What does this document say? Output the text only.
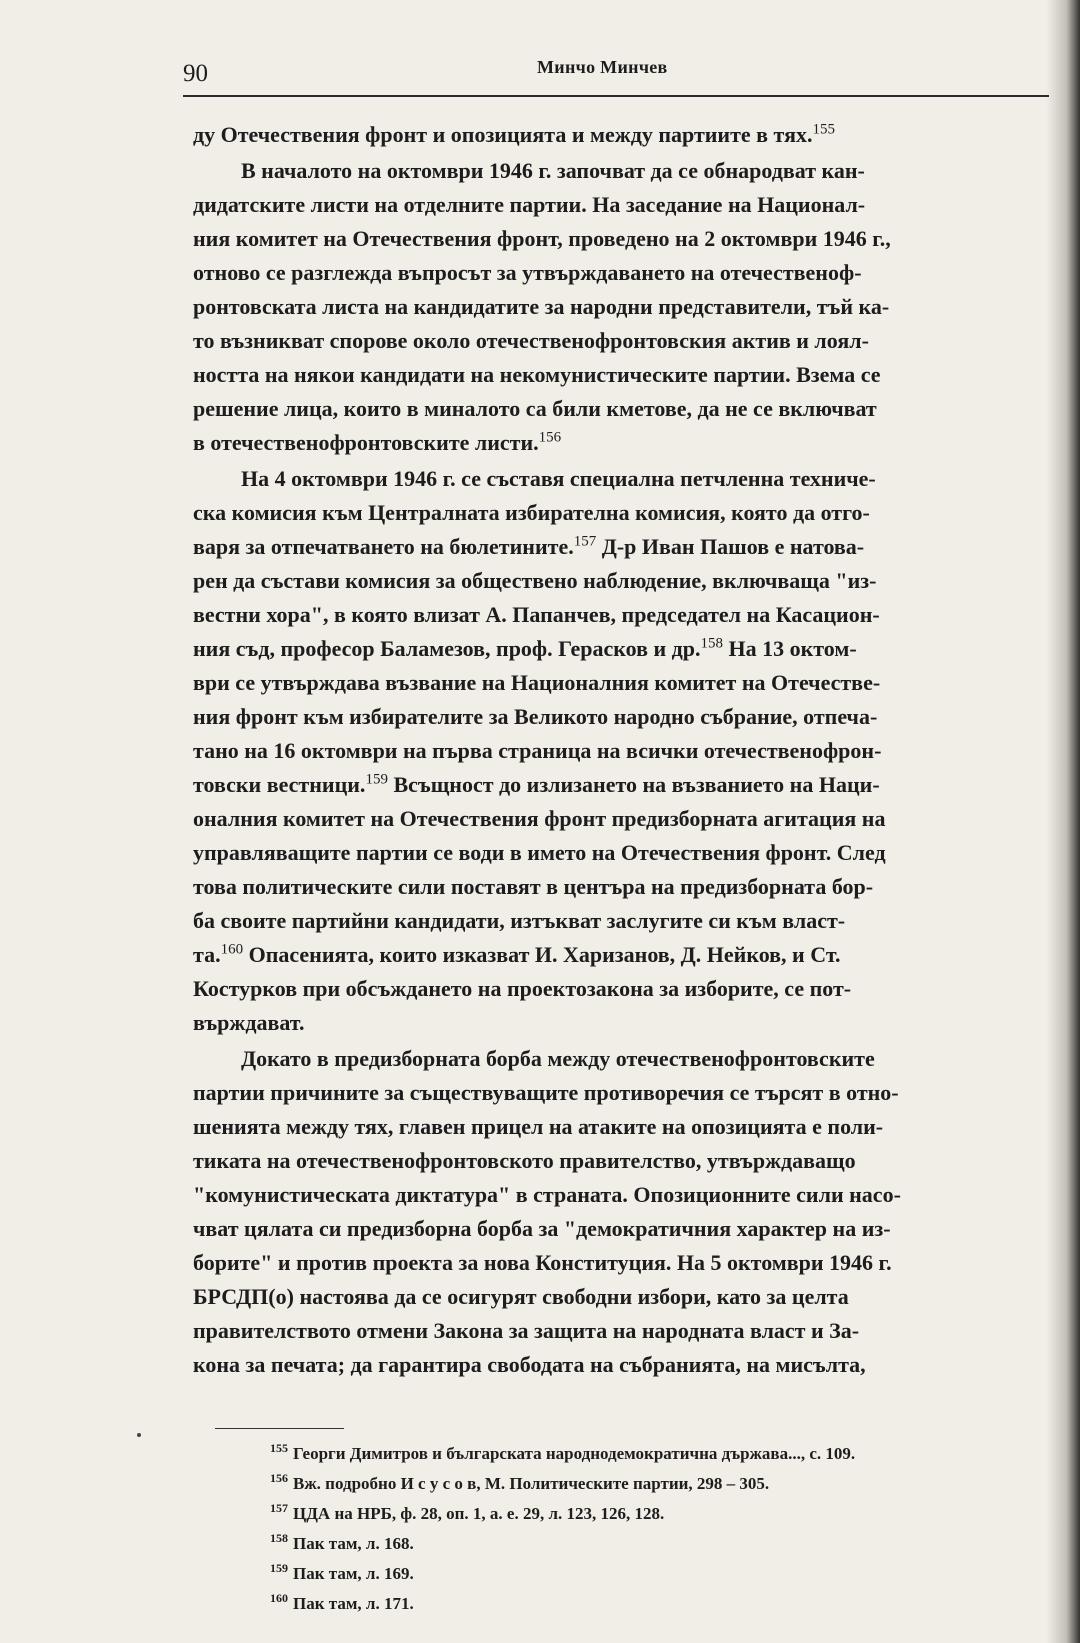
90	Минчо Минчев
ду Отечествения фронт и опозицията и между партиите в тях.$^{155}$
В началото на октомври 1946 г. започват да се обнародват кан-
дидатските листи на отделните партии. На заседание на Национал-
ния комитет на Отечествения фронт, проведено на 2 октомври 1946 г.,
отново се разглежда въпросът за утвърждаването на отечественоф-
ронтовската листа на кандидатите за народни представители, тъй ка-
то възникват спорове около отечественофронтовския актив и лоял-
ността на някои кандидати на некомунистическите партии. Взема се
решение лица, които в миналото са били кметове, да не се включват
в отечественофронтовските листи.$^{156}$
На 4 октомври 1946 г. се съставя специална петчленна техниче-
ска комисия към Централната избирателна комисия, която да отго-
варя за отпечатването на бюлетините.$^{157}$ Д-р Иван Пашов е натова-
рен да състави комисия за обществено наблюдение, включваща "из-
вестни хора", в която влизат А. Папанчев, председател на Касацион-
ния съд, професор Баламезов, проф. Герасков и др.$^{158}$ На 13 октом-
ври се утвърждава възвание на Националния комитет на Отечестве-
ния фронт към избирателите за Великото народно събрание, отпеча-
тано на 16 октомври на първа страница на всички отечественофрон-
товски вестници.$^{159}$ Всъщност до излизането на възванието на Наци-
оналния комитет на Отечествения фронт предизборната агитация на
управляващите партии се води в името на Отечествения фронт. След
това политическите сили поставят в центъра на предизборната бор-
ба своите партийни кандидати, изтъкват заслугите си към власт-
та.$^{160}$ Опасенията, които изказват И. Харизанов, Д. Нейков, и Ст.
Костурков при обсъждането на проектозакона за изборите, се пот-
върждават.
Докато в предизборната борба между отечественофронтовските
партии причините за съществуващите противоречия се търсят в отно-
шенията между тях, главен прицел на атаките на опозицията е поли-
тиката на отечественофронтовското правителство, утвърждаващо
"комунистическата диктатура" в страната. Опозиционните сили насо-
чват цялата си предизборна борба за "демократичния характер на из-
борите" и против проекта за нова Конституция. На 5 октомври 1946 г.
БРСДП(о) настоява да се осигурят свободни избори, като за целта
правителството отмени Закона за защита на народната власт и За-
кона за печата; да гарантира свободата на събранията, на мисълта,
$^{155}$ Георги Димитров и българската народнодемократична държава..., с. 109.
$^{156}$ Вж. подробно И с у с о в, М. Политическите партии, 298 – 305.
$^{157}$ ЦДА на НРБ, ф. 28, оп. 1, а. е. 29, л. 123, 126, 128.
$^{158}$ Пак там, л. 168.
$^{159}$ Пак там, л. 169.
$^{160}$ Пак там, л. 171.
